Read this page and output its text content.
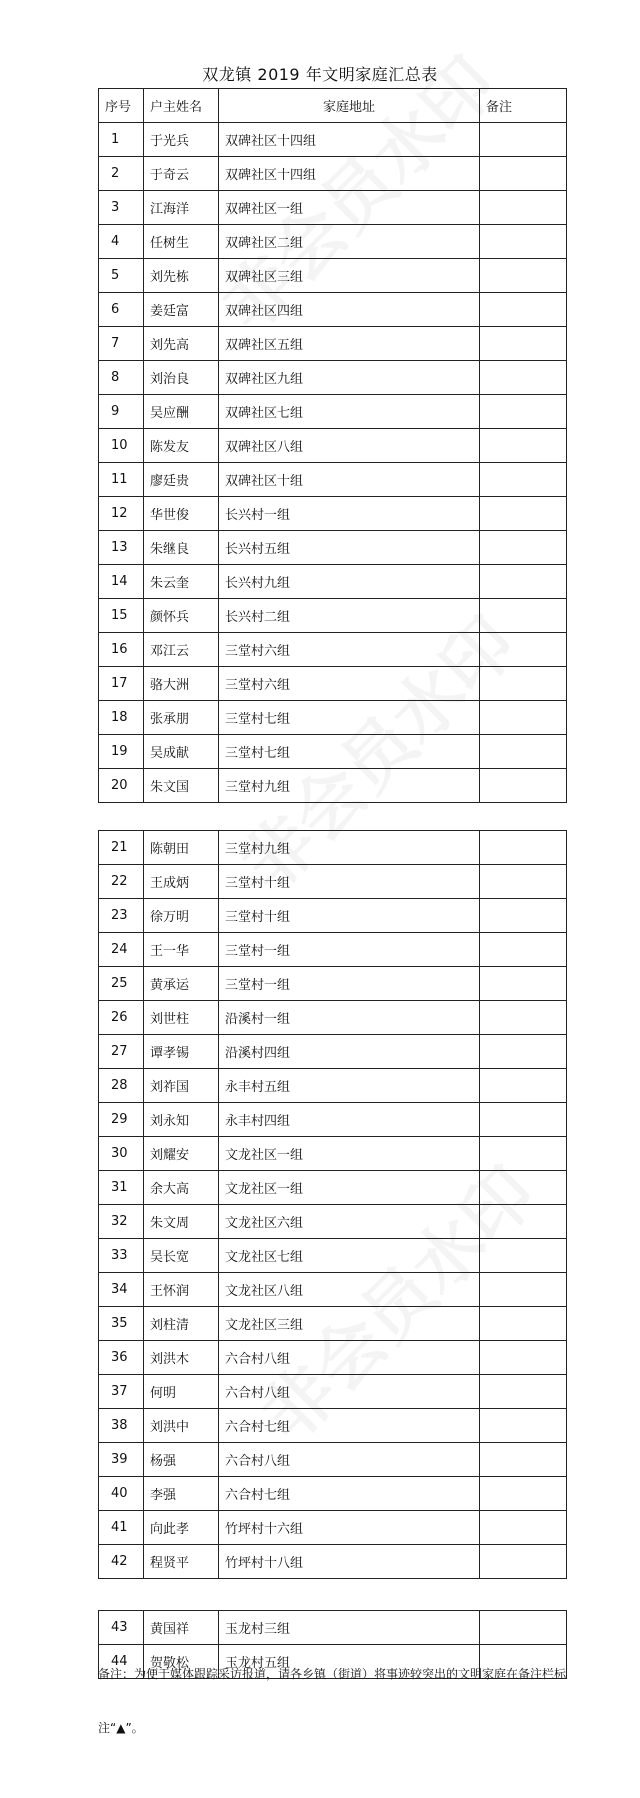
双龙镇 2019 年文明家庭汇总表
序号	户主姓名	家庭地址	备注
1	于光兵	双碑社区十四组	
2	于奇云	双碑社区十四组	
3	江海洋	双碑社区一组	
4	任树生	双碑社区二组	
5	刘先栋	双碑社区三组	
6	姜廷富	双碑社区四组	
7	刘先高	双碑社区五组	
8	刘治良	双碑社区九组	
9	吴应酬	双碑社区七组	
10	陈发友	双碑社区八组	
11	廖廷贵	双碑社区十组	
12	华世俊	长兴村一组	
13	朱继良	长兴村五组	
14	朱云奎	长兴村九组	
15	颜怀兵	长兴村二组	
16	邓江云	三堂村六组	
17	骆大洲	三堂村六组	
18	张承朋	三堂村七组	
19	吴成献	三堂村七组	
20	朱文国	三堂村九组	
21	陈朝田	三堂村九组	
22	王成炳	三堂村十组	
23	徐万明	三堂村十组	
24	王一华	三堂村一组	
25	黄承运	三堂村一组	
26	刘世柱	沿溪村一组	
27	谭孝锡	沿溪村四组	
28	刘祚国	永丰村五组	
29	刘永知	永丰村四组	
30	刘耀安	文龙社区一组	
31	余大高	文龙社区一组	
32	朱文周	文龙社区六组	
33	吴长宽	文龙社区七组	
34	王怀润	文龙社区八组	
35	刘柱清	文龙社区三组	
36	刘洪木	六合村八组	
37	何明	六合村八组	
38	刘洪中	六合村七组	
39	杨强	六合村八组	
40	李强	六合村七组	
41	向此孝	竹坪村十六组	
42	程贤平	竹坪村十八组	
43	黄国祥	玉龙村三组	
44	贺敬松	玉龙村五组	
备注：为便于媒体跟踪采访报道，请各乡镇（街道）将事迹较突出的文明家庭在备注栏标
注“▲”。
